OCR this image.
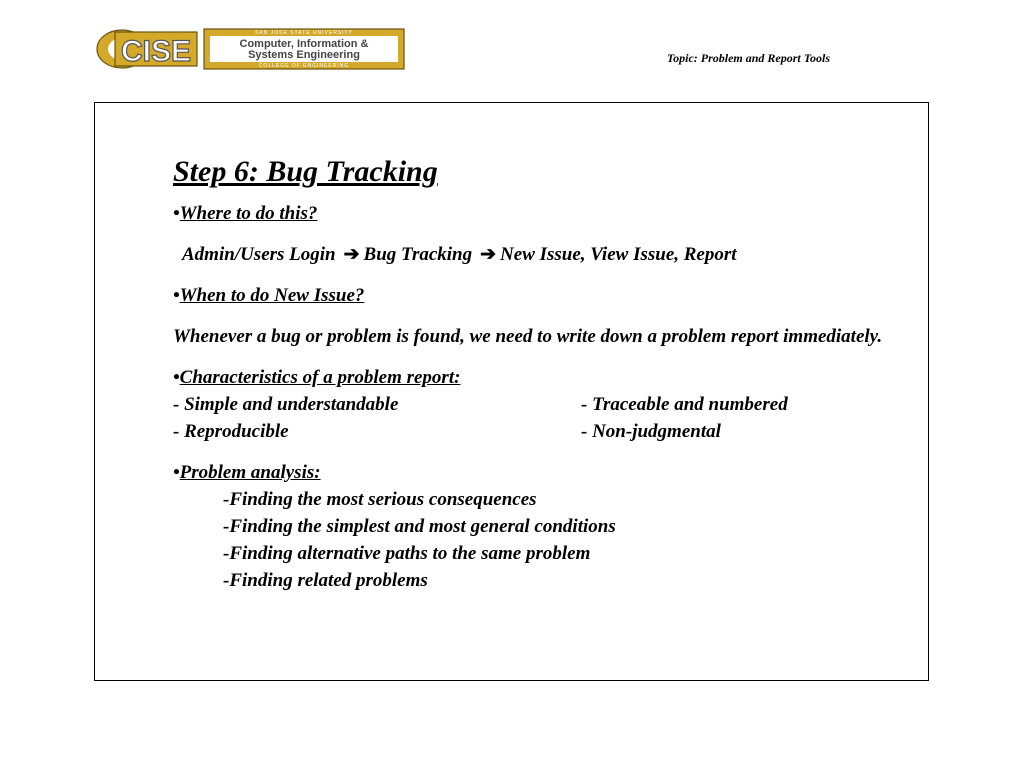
CISE
SAN JOSE STATE UNIVERSITY
Computer, Information &
Systems Engineering
COLLEGE OF ENGINEERING
Topic: Problem and Report Tools
Step 6: Bug Tracking
•Where to do this?
Admin/Users Login ➔ Bug Tracking ➔ New Issue, View Issue, Report
•When to do New Issue?
Whenever a bug or problem is found, we need to write down a problem report immediately.
•Characteristics of a problem report:
- Simple and understandable	- Traceable and numbered
- Reproducible	- Non-judgmental
•Problem analysis:
-Finding the most serious consequences
-Finding the simplest and most general conditions
-Finding alternative paths to the same problem
-Finding related problems
